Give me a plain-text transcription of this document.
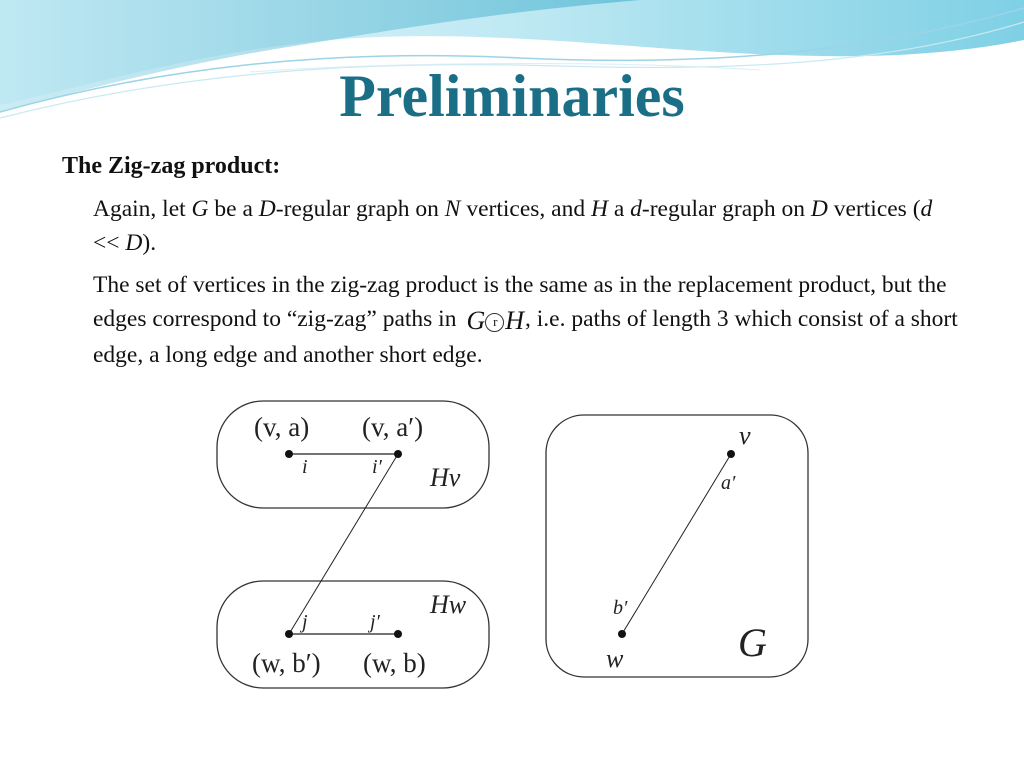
Preliminaries
The Zig-zag product:
Again, let G be a D-regular graph on N vertices, and H a d-regular graph on D vertices (d << D).
The set of vertices in the zig-zag product is the same as in the replacement product, but the edges correspond to “zig-zag” paths in G r H, i.e. paths of length 3 which consist of a short edge, a long edge and another short edge.
(v, a) (v, a′)
i	i′ Hv
Hw
j	j′
(w, b′) (w, b)
v
a′
b′
w	G
